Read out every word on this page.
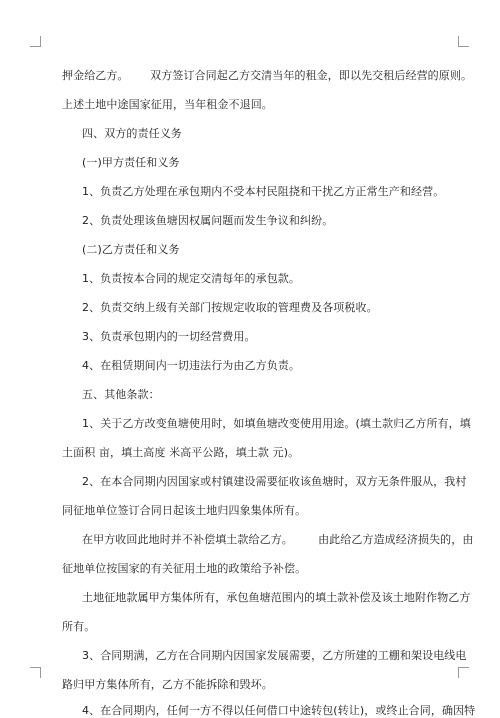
押金给乙方。      双方签订合同起乙方交清当年的租金，即以先交租后经营的原则。
上述土地中途国家征用，当年租金不退回。
四、双方的责任义务
(一)甲方责任和义务
1、负责乙方处理在承包期内不受本村民阻挠和干扰乙方正常生产和经营。
2、负责处理该鱼塘因权属问题而发生争议和纠纷。
(二)乙方责任和义务
1、负责按本合同的规定交清每年的承包款。
2、负责交纳上级有关部门按规定收取的管理费及各项税收。
3、负责承包期内的一切经营费用。
4、在租赁期间内一切违法行为由乙方负责。
五、其他条款：
1、关于乙方改变鱼塘使用时，如填鱼塘改变使用用途。(填土款归乙方所有，填
土面积 亩，填土高度 米高平公路，填土款 元)。
2、在本合同期内因国家或村镇建设需要征收该鱼塘时，双方无条件服从，我村
同征地单位签订合同日起该土地归四象集体所有。
在甲方收回此地时并不补偿填土款给乙方。       由此给乙方造成经济损失的，由
征地单位按国家的有关征用土地的政策给予补偿。
土地征地款属甲方集体所有，承包鱼塘范围内的填土款补偿及该土地附作物乙方
所有。
3、合同期满，乙方在合同期内因国家发展需要，乙方所建的工棚和架设电线电
路归甲方集体所有，乙方不能拆除和毁坏。
4、在合同期内，任何一方不得以任何借口中途转包(转让)，或终止合同，确因特
